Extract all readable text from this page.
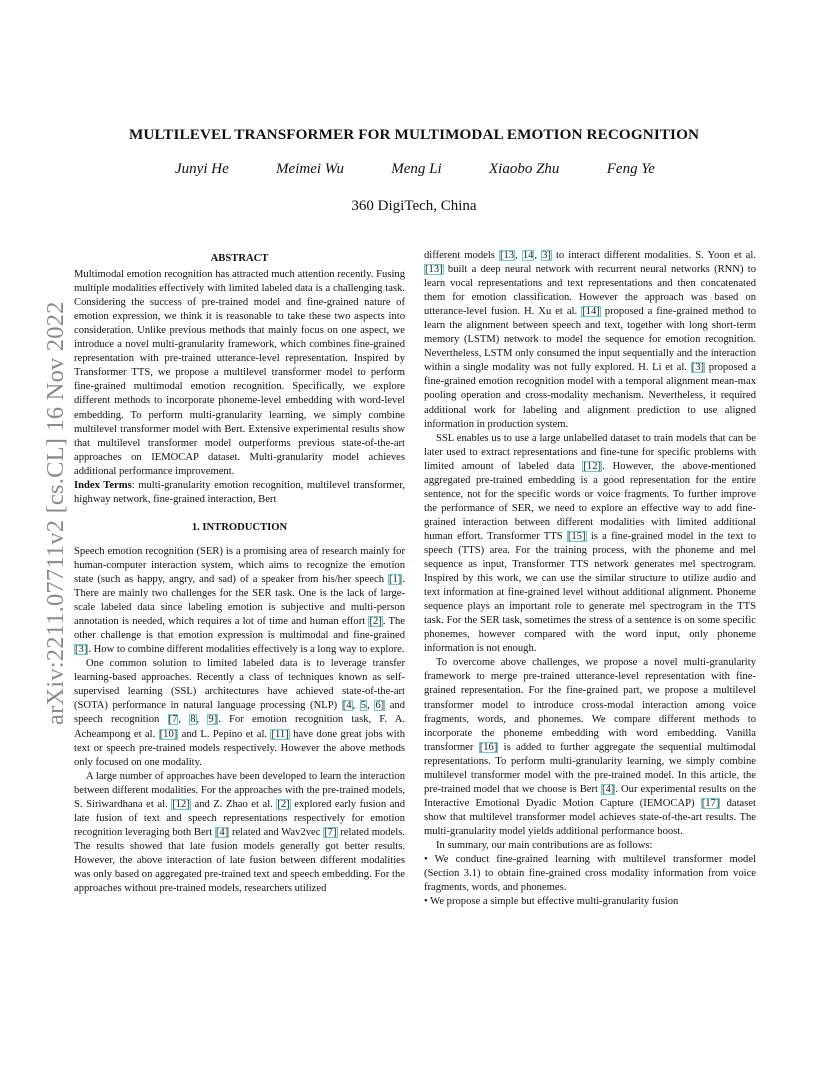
arXiv:2211.07711v2 [cs.CL] 16 Nov 2022
MULTILEVEL TRANSFORMER FOR MULTIMODAL EMOTION RECOGNITION
Junyi He	Meimei Wu	Meng Li	Xiaobo Zhu	Feng Ye
360 DigiTech, China
ABSTRACT

Multimodal emotion recognition has attracted much attention recently. Fusing multiple modalities effectively with limited labeled data is a challenging task. Considering the success of pre-trained model and fine-grained nature of emotion expression, we think it is reasonable to take these two aspects into consideration. Unlike previous methods that mainly focus on one aspect, we introduce a novel multi-granularity framework, which combines fine-grained representation with pre-trained utterance-level representation. Inspired by Transformer TTS, we propose a multilevel transformer model to perform fine-grained multimodal emotion recognition. Specifically, we explore different methods to incorporate phoneme-level embedding with word-level embedding. To perform multi-granularity learning, we simply combine multilevel transformer model with Bert. Extensive experimental results show that multilevel transformer model outperforms previous state-of-the-art approaches on IEMOCAP dataset. Multi-granularity model achieves additional performance improvement.

Index Terms: multi-granularity emotion recognition, multilevel transformer, highway network, fine-grained interaction, Bert

1. INTRODUCTION

Speech emotion recognition (SER) is a promising area of research mainly for human-computer interaction system, which aims to recognize the emotion state (such as happy, angry, and sad) of a speaker from his/her speech [1]. There are mainly two challenges for the SER task. One is the lack of large-scale labeled data since labeling emotion is subjective and multi-person annotation is needed, which requires a lot of time and human effort [2]. The other challenge is that emotion expression is multimodal and fine-grained [3]. How to combine different modalities effectively is a long way to explore.

One common solution to limited labeled data is to leverage transfer learning-based approaches. Recently a class of techniques known as self-supervised learning (SSL) architectures have achieved state-of-the-art (SOTA) performance in natural language processing (NLP) [4, 5, 6] and speech recognition [7, 8, 9]. For emotion recognition task, F. A. Acheampong et al. [10] and L. Pepino et al. [11] have done great jobs with text or speech pre-trained models respectively. However the above methods only focused on one modality.

A large number of approaches have been developed to learn the interaction between different modalities. For the approaches with the pre-trained models, S. Siriwardhana et al. [12] and Z. Zhao et al. [2] explored early fusion and late fusion of text and speech representations respectively for emotion recognition leveraging both Bert [4] related and Wav2vec [7] related models. The results showed that late fusion models generally got better results. However, the above interaction of late fusion between different modalities was only based on aggregated pre-trained text and speech embedding. For the approaches without pre-trained models, researchers utilized

different models [13, 14, 3] to interact different modalities. S. Yoon et al. [13] built a deep neural network with recurrent neural networks (RNN) to learn vocal representations and text representations and then concatenated them for emotion classification. However the approach was based on utterance-level fusion. H. Xu et al. [14] proposed a fine-grained method to learn the alignment between speech and text, together with long short-term memory (LSTM) network to model the sequence for emotion recognition. Nevertheless, LSTM only consumed the input sequentially and the interaction within a single modality was not fully explored. H. Li et al. [3] proposed a fine-grained emotion recognition model with a temporal alignment mean-max pooling operation and cross-modality mechanism. Nevertheless, it required additional work for labeling and alignment prediction to use aligned information in production system.

SSL enables us to use a large unlabelled dataset to train models that can be later used to extract representations and fine-tune for specific problems with limited amount of labeled data [12]. However, the above-mentioned aggregated pre-trained embedding is a good representation for the entire sentence, not for the specific words or voice fragments. To further improve the performance of SER, we need to explore an effective way to add fine-grained interaction between different modalities with limited additional human effort. Transformer TTS [15] is a fine-grained model in the text to speech (TTS) area. For the training process, with the phoneme and mel sequence as input, Transformer TTS network generates mel spectrogram. Inspired by this work, we can use the similar structure to utilize audio and text information at fine-grained level without additional alignment. Phoneme sequence plays an important role to generate mel spectrogram in the TTS task. For the SER task, sometimes the stress of a sentence is on some specific phonemes, however compared with the word input, only phoneme information is not enough.

To overcome above challenges, we propose a novel multi-granularity framework to merge pre-trained utterance-level representation with fine-grained representation. For the fine-grained part, we propose a multilevel transformer model to introduce cross-modal interaction among voice fragments, words, and phonemes. We compare different methods to incorporate the phoneme embedding with word embedding. Vanilla transformer [16] is added to further aggregate the sequential multimodal representations. To perform multi-granularity learning, we simply combine multilevel transformer model with the pre-trained model. In this article, the pre-trained model that we choose is Bert [4]. Our experimental results on the Interactive Emotional Dyadic Motion Capture (IEMOCAP) [17] dataset show that multilevel transformer model achieves state-of-the-art results. The multi-granularity model yields additional performance boost.

In summary, our main contributions are as follows:

• We conduct fine-grained learning with multilevel transformer model (Section 3.1) to obtain fine-grained cross modality information from voice fragments, words, and phonemes.

• We propose a simple but effective multi-granularity fusion
